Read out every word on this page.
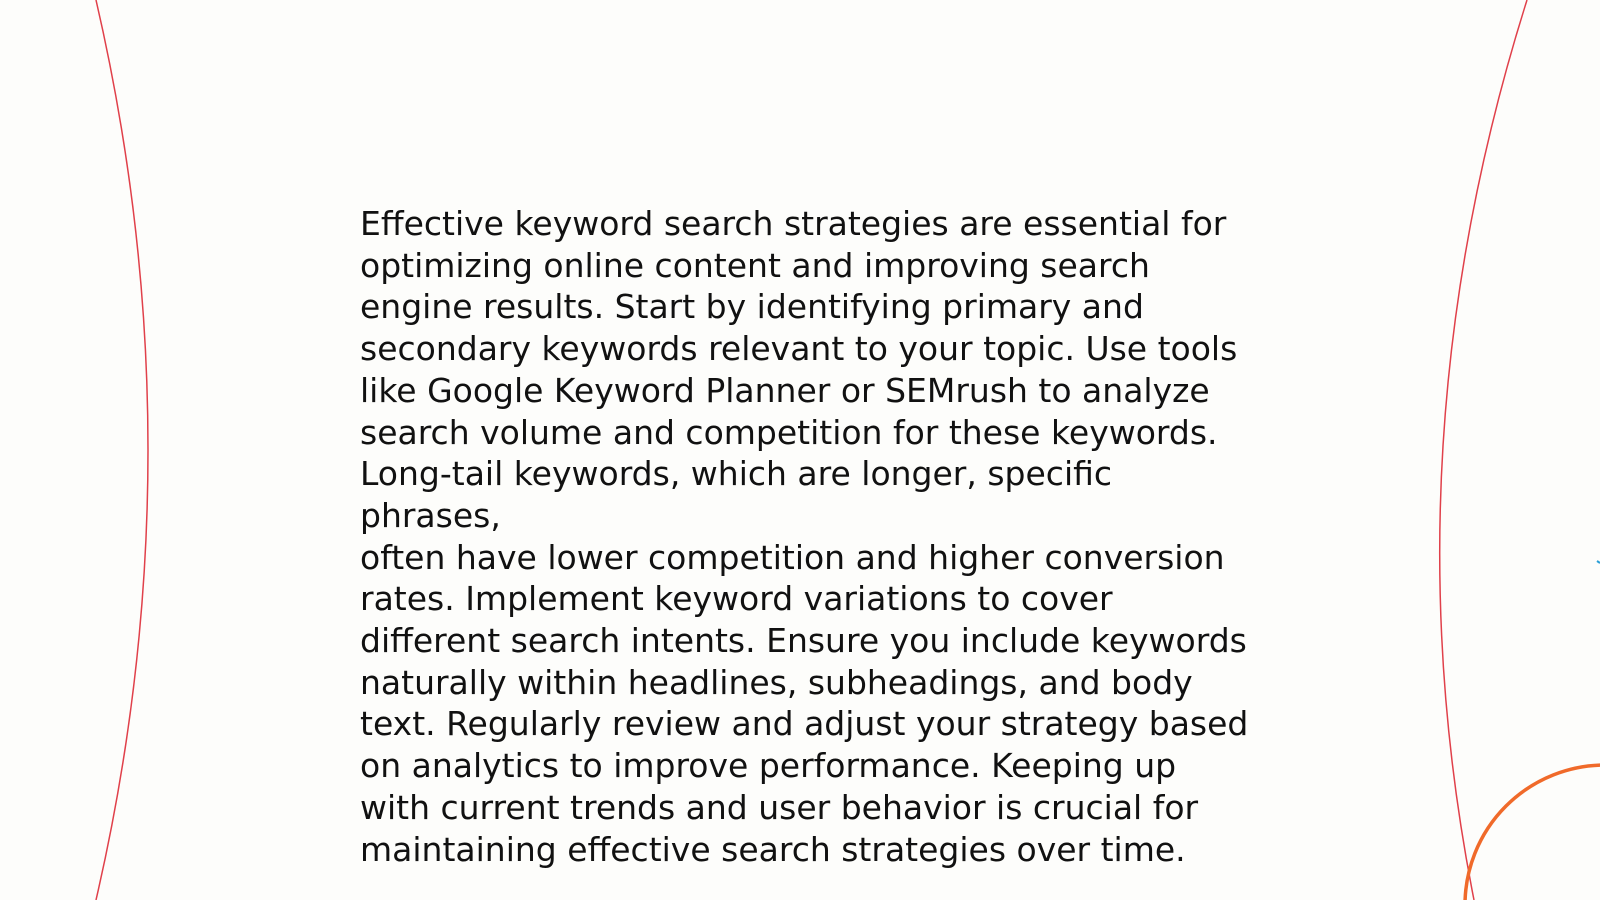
Effective keyword search strategies are essential for
optimizing online content and improving search
engine results. Start by identifying primary and
secondary keywords relevant to your topic. Use tools
like Google Keyword Planner or SEMrush to analyze
search volume and competition for these keywords.
Long-tail keywords, which are longer, specific phrases,
often have lower competition and higher conversion
rates. Implement keyword variations to cover
different search intents. Ensure you include keywords
naturally within headlines, subheadings, and body
text. Regularly review and adjust your strategy based
on analytics to improve performance. Keeping up
with current trends and user behavior is crucial for
maintaining effective search strategies over time.
